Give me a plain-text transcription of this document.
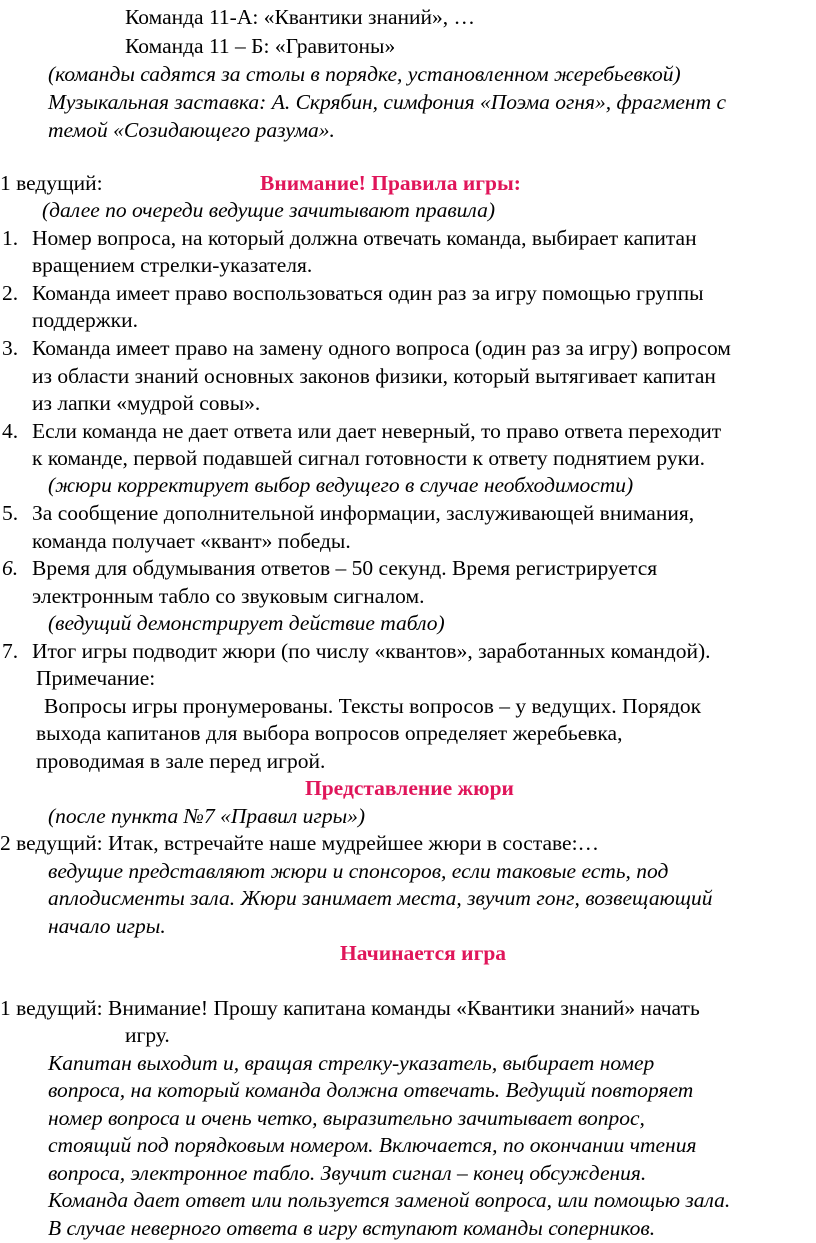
Команда 11-А: «Квантики знаний», …

Команда 11 – Б: «Гравитоны»

(команды садятся за столы в порядке, установленном жеребьевкой)

Музыкальная заставка: А. Скрябин, симфония «Поэма огня», фрагмент с

темой «Созидающего разума».

1 ведущий:	Внимание! Правила игры:

(далее по очереди ведущие зачитывают правила)

1. Номер вопроса, на который должна отвечать команда, выбирает капитан

вращением стрелки-указателя.

2. Команда имеет право воспользоваться один раз за игру помощью группы

поддержки.

3. Команда имеет право на замену одного вопроса (один раз за игру) вопросом

из области знаний основных законов физики, который вытягивает капитан

из лапки «мудрой совы».

4. Если команда не дает ответа или дает неверный, то право ответа переходит

к команде, первой подавшей сигнал готовности к ответу поднятием руки.

(жюри корректирует выбор ведущего в случае необходимости)

5. За сообщение дополнительной информации, заслуживающей внимания,

команда получает «квант» победы.

6. Время для обдумывания ответов – 50 секунд. Время регистрируется

электронным табло со звуковым сигналом.

(ведущий демонстрирует действие табло)

7. Итог игры подводит жюри (по числу «квантов», заработанных командой).

Примечание:

Вопросы игры пронумерованы. Тексты вопросов – у ведущих. Порядок

выхода капитанов для выбора вопросов определяет жеребьевка,

проводимая в зале перед игрой.

Представление жюри

(после пункта №7 «Правил игры»)

2 ведущий: Итак, встречайте наше мудрейшее жюри в составе:…

ведущие представляют жюри и спонсоров, если таковые есть, под

аплодисменты зала. Жюри занимает места, звучит гонг, возвещающий

начало игры.

Начинается игра

1 ведущий: Внимание! Прошу капитана команды «Квантики знаний» начать

игру.

Капитан выходит и, вращая стрелку-указатель, выбирает номер

вопроса, на который команда должна отвечать. Ведущий повторяет

номер вопроса и очень четко, выразительно зачитывает вопрос,

стоящий под порядковым номером. Включается, по окончании чтения

вопроса, электронное табло. Звучит сигнал – конец обсуждения.

Команда дает ответ или пользуется заменой вопроса, или помощью зала.

В случае неверного ответа в игру вступают команды соперников.
